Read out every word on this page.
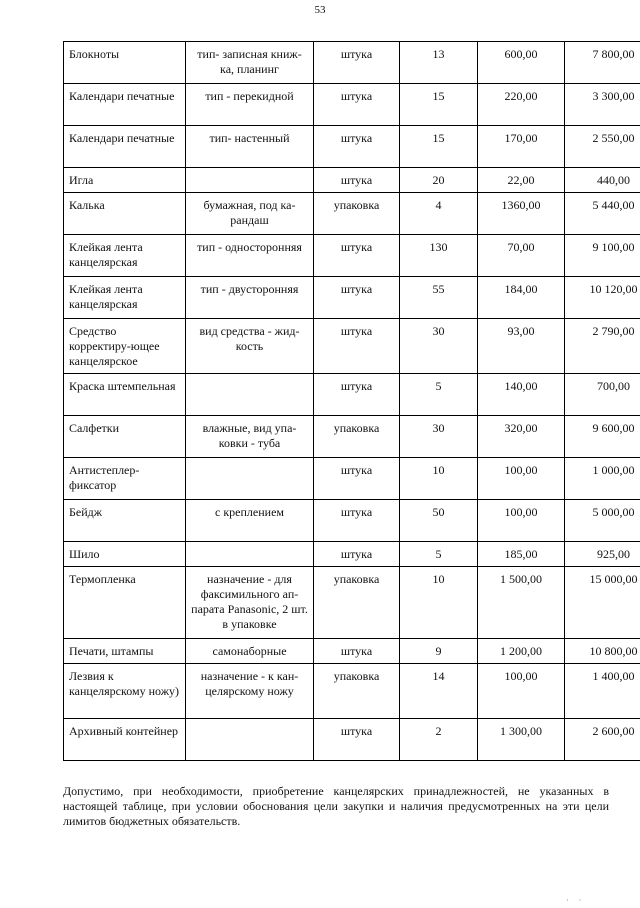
53
Блокноты	тип- записная книж-ка, планинг	штука	13	600,00	7 800,00
Календари печатные	тип - перекидной	штука	15	220,00	3 300,00
Календари печатные	тип- настенный	штука	15	170,00	2 550,00
Игла		штука	20	22,00	440,00
Калька	бумажная, под ка-рандаш	упаковка	4	1360,00	5 440,00
Клейкая лента канцелярская	тип - односторонняя	штука	130	70,00	9 100,00
Клейкая лента канцелярская	тип - двусторонняя	штука	55	184,00	10 120,00
Средство корректиру-ющее канцелярское	вид средства - жид-кость	штука	30	93,00	2 790,00
Краска штемпельная		штука	5	140,00	700,00
Салфетки	влажные, вид упа-ковки - туба	упаковка	30	320,00	9 600,00
Антистеплер-фиксатор		штука	10	100,00	1 000,00
Бейдж	с креплением	штука	50	100,00	5 000,00
Шило		штука	5	185,00	925,00
Термопленка	назначение - для факсимильного ап-парата Panasonic, 2 шт. в упаковке	упаковка	10	1 500,00	15 000,00
Печати, штампы	самонаборные	штука	9	1 200,00	10 800,00
Лезвия к канцелярскому ножу)	назначение - к кан-целярскому ножу	упаковка	14	100,00	1 400,00
Архивный контейнер		штука	2	1 300,00	2 600,00

Допустимо, при необходимости, приобретение канцелярских принадлежностей, не указанных в настоящей таблице, при условии обоснования цели закупки и наличия предусмотренных на эти цели лимитов бюджетных обязательств.

· ·
